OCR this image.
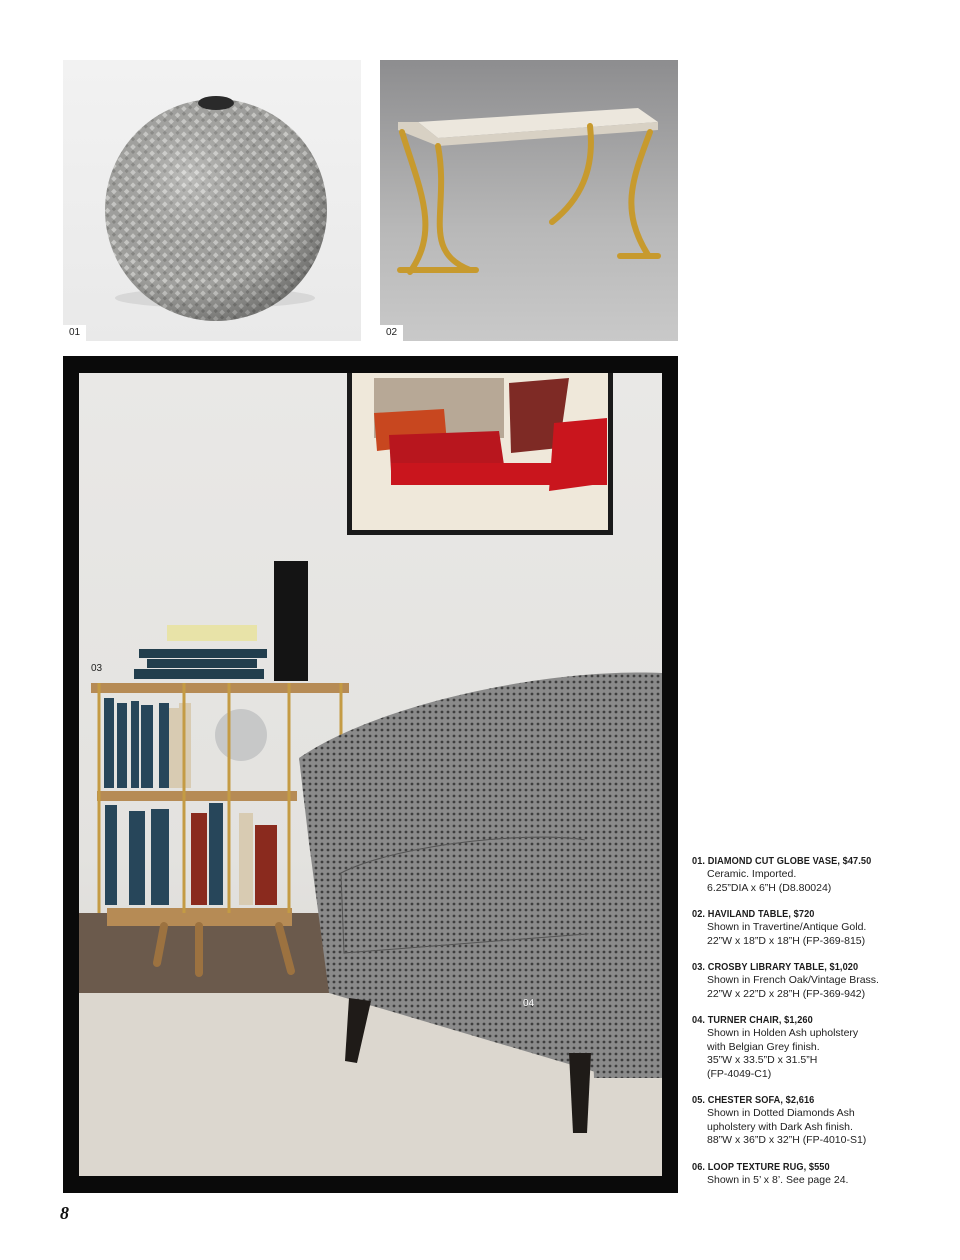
01	02
03
04
01. DIAMOND CUT GLOBE VASE, $47.50
Ceramic. Imported.
6.25”DIA x 6”H (D8.80024)
02. HAVILAND TABLE, $720
Shown in Travertine/Antique Gold.
22”W x 18”D x 18”H (FP-369-815)
03. CROSBY LIBRARY TABLE, $1,020
Shown in French Oak/Vintage Brass.
22”W x 22”D x 28”H (FP-369-942)
04. TURNER CHAIR, $1,260
Shown in Holden Ash upholstery
with Belgian Grey finish.
35”W x 33.5”D x 31.5”H
(FP-4049-C1)
05. CHESTER SOFA, $2,616
Shown in Dotted Diamonds Ash
upholstery with Dark Ash finish.
88”W x 36”D x 32”H (FP-4010-S1)
06. LOOP TEXTURE RUG, $550
Shown in 5’ x 8’. See page 24.
8
